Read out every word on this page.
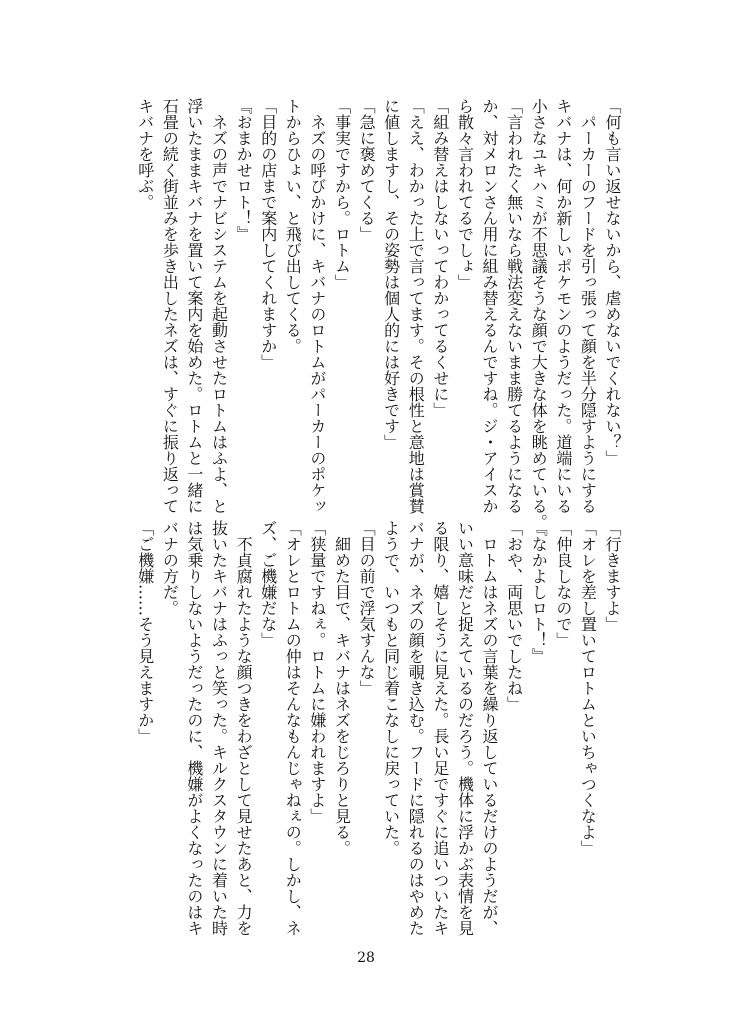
「何も言い返せないから、虐めないでくれない？」
　パーカーのフードを引っ張って顔を半分隠すようにする
キバナは、何か新しいポケモンのようだった。道端にいる
小さなユキハミが不思議そうな顔で大きな体を眺めている。
「言われたく無いなら戦法変えないまま勝てるようになる
か、対メロンさん用に組み替えるんですね。ジ・アイスか
ら散々言われてるでしょ」
「組み替えはしないってわかってるくせに」
「ええ、わかった上で言ってます。その根性と意地は賞賛
に値しますし、その姿勢は個人的には好きです」
「急に褒めてくる」
「事実ですから。ロトム」
　ネズの呼びかけに、キバナのロトムがパーカーのポケッ
トからひょい、と飛び出してくる。
「目的の店まで案内してくれますか」
『おまかせロト！』
　ネズの声でナビシステムを起動させたロトムはふよ、と
浮いたままキバナを置いて案内を始めた。ロトムと一緒に
石畳の続く街並みを歩き出したネズは、すぐに振り返って
キバナを呼ぶ。
「行きますよ」
「オレを差し置いてロトムといちゃつくなよ」
「仲良しなので」
『なかよしロト！』
「おや、両思いでしたね」
　ロトムはネズの言葉を繰り返しているだけのようだが、
いい意味だと捉えているのだろう。機体に浮かぶ表情を見
る限り、嬉しそうに見えた。長い足ですぐに追いついたキ
バナが、ネズの顔を覗き込む。フードに隠れるのはやめた
ようで、いつもと同じ着こなしに戻っていた。
「目の前で浮気すんな」
　細めた目で、キバナはネズをじろりと見る。
「狭量ですねぇ。ロトムに嫌われますよ」
「オレとロトムの仲はそんなもんじゃねぇの。しかし、ネ
ズ、ご機嫌だな」
　不貞腐れたような顔つきをわざとして見せたあと、力を
抜いたキバナはふっと笑った。キルクスタウンに着いた時
は気乗りしないようだったのに、機嫌がよくなったのはキ
バナの方だ。
「ご機嫌……そう見えますか」
28
